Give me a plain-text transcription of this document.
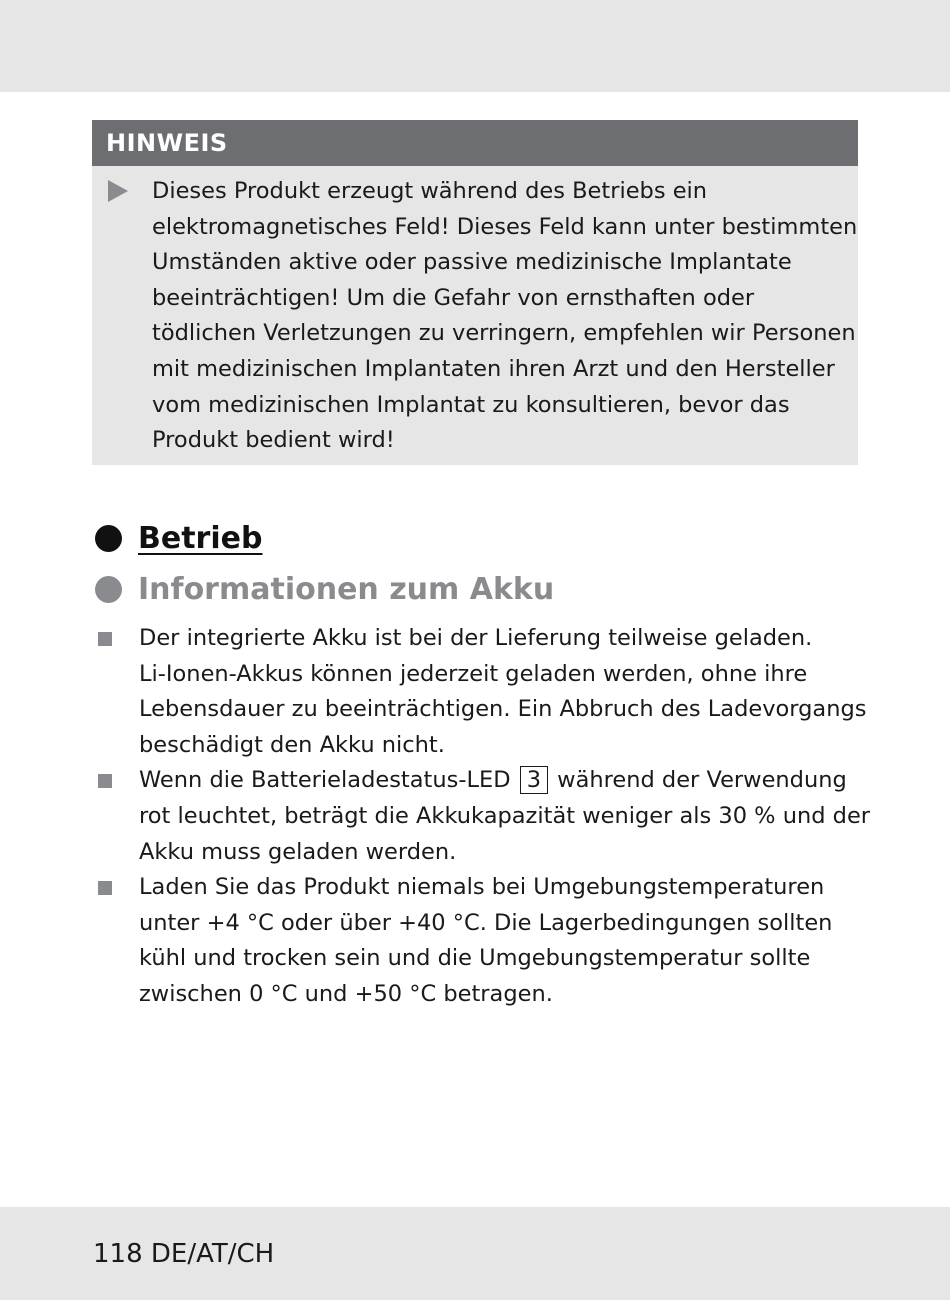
HINWEIS
Dieses Produkt erzeugt während des Betriebs ein
elektromagnetisches Feld! Dieses Feld kann unter bestimmten
Umständen aktive oder passive medizinische Implantate
beeinträchtigen! Um die Gefahr von ernsthaften oder
tödlichen Verletzungen zu verringern, empfehlen wir Personen
mit medizinischen Implantaten ihren Arzt und den Hersteller
vom medizinischen Implantat zu konsultieren, bevor das
Produkt bedient wird!
Betrieb
Informationen zum Akku
Der integrierte Akku ist bei der Lieferung teilweise geladen.
Li-Ionen-Akkus können jederzeit geladen werden, ohne ihre
Lebensdauer zu beeinträchtigen. Ein Abbruch des Ladevorgangs
beschädigt den Akku nicht.
Wenn die Batterieladestatus-LED 3 während der Verwendung
rot leuchtet, beträgt die Akkukapazität weniger als 30 % und der
Akku muss geladen werden.
Laden Sie das Produkt niemals bei Umgebungstemperaturen
unter +4 °C oder über +40 °C. Die Lagerbedingungen sollten
kühl und trocken sein und die Umgebungstemperatur sollte
zwischen 0 °C und +50 °C betragen.
118 DE/AT/CH
